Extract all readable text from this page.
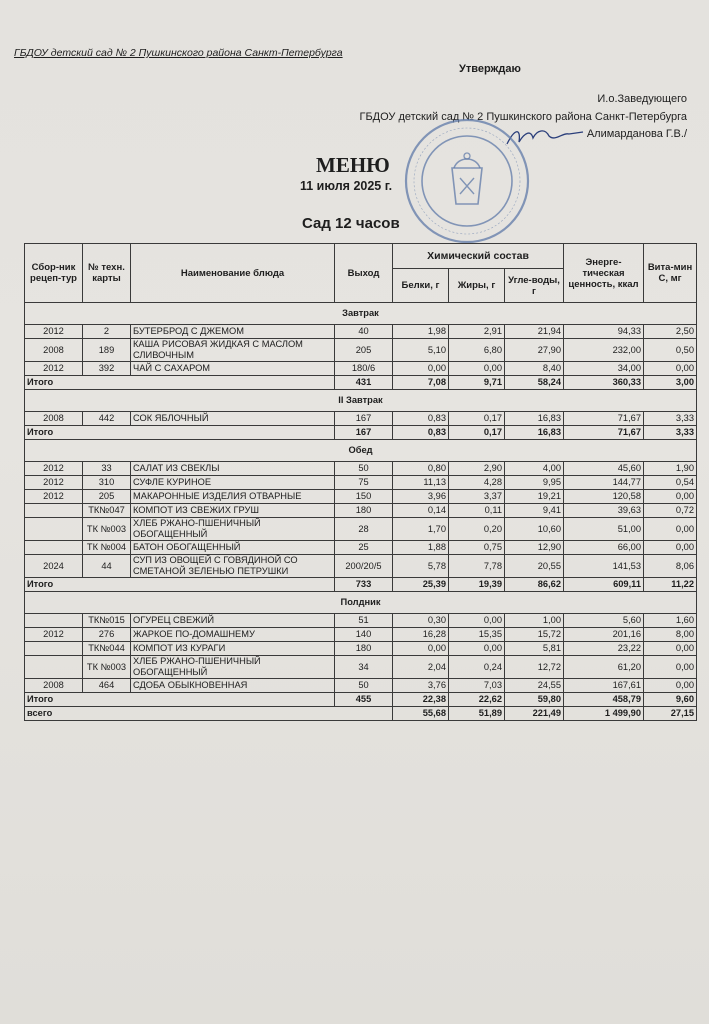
ГБДОУ детский сад № 2 Пушкинского района Санкт-Петербурга
Утверждаю
И.о.Заведующего
ГБДОУ детский сад № 2 Пушкинского района Санкт-Петербурга
Алимарданова Г.В./
МЕНЮ
11 июля 2025 г.
Сад 12 часов
Сбор-ник рецеп-тур	№ техн. карты	Наименование блюда	Выход	Химический состав			Энерге-тическая ценность, ккал	Вита-мин С, мг
				Белки, г	Жиры, г	Угле-воды, г		
Завтрак								
2012	2	БУТЕРБРОД С ДЖЕМОМ	40	1,98	2,91	21,94	94,33	2,50
2008	189	КАША РИСОВАЯ ЖИДКАЯ С МАСЛОМ СЛИВОЧНЫМ	205	5,10	6,80	27,90	232,00	0,50
2012	392	ЧАЙ С САХАРОМ	180/6	0,00	0,00	8,40	34,00	0,00
Итого			431	7,08	9,71	58,24	360,33	3,00
II Завтрак								
2008	442	СОК ЯБЛОЧНЫЙ	167	0,83	0,17	16,83	71,67	3,33
Итого			167	0,83	0,17	16,83	71,67	3,33
Обед								
2012	33	САЛАТ ИЗ СВЕКЛЫ	50	0,80	2,90	4,00	45,60	1,90
2012	310	СУФЛЕ КУРИНОЕ	75	11,13	4,28	9,95	144,77	0,54
2012	205	МАКАРОННЫЕ ИЗДЕЛИЯ ОТВАРНЫЕ	150	3,96	3,37	19,21	120,58	0,00
	ТК№047	КОМПОТ ИЗ СВЕЖИХ ГРУШ	180	0,14	0,11	9,41	39,63	0,72
	ТК №003	ХЛЕБ РЖАНО-ПШЕНИЧНЫЙ ОБОГАЩЕННЫЙ	28	1,70	0,20	10,60	51,00	0,00
	ТК №004	БАТОН ОБОГАЩЕННЫЙ	25	1,88	0,75	12,90	66,00	0,00
2024	44	СУП ИЗ ОВОЩЕЙ С ГОВЯДИНОЙ СО СМЕТАНОЙ ЗЕЛЕНЬЮ ПЕТРУШКИ	200/20/5	5,78	7,78	20,55	141,53	8,06
Итого			733	25,39	19,39	86,62	609,11	11,22
Полдник								
	ТК№015	ОГУРЕЦ СВЕЖИЙ	51	0,30	0,00	1,00	5,60	1,60
2012	276	ЖАРКОЕ ПО-ДОМАШНЕМУ	140	16,28	15,35	15,72	201,16	8,00
	ТК№044	КОМПОТ ИЗ КУРАГИ	180	0,00	0,00	5,81	23,22	0,00
	ТК №003	ХЛЕБ РЖАНО-ПШЕНИЧНЫЙ ОБОГАЩЕННЫЙ	34	2,04	0,24	12,72	61,20	0,00
2008	464	СДОБА ОБЫКНОВЕННАЯ	50	3,76	7,03	24,55	167,61	0,00
Итого			455	22,38	22,62	59,80	458,79	9,60
всего				55,68	51,89	221,49	1 499,90	27,15
